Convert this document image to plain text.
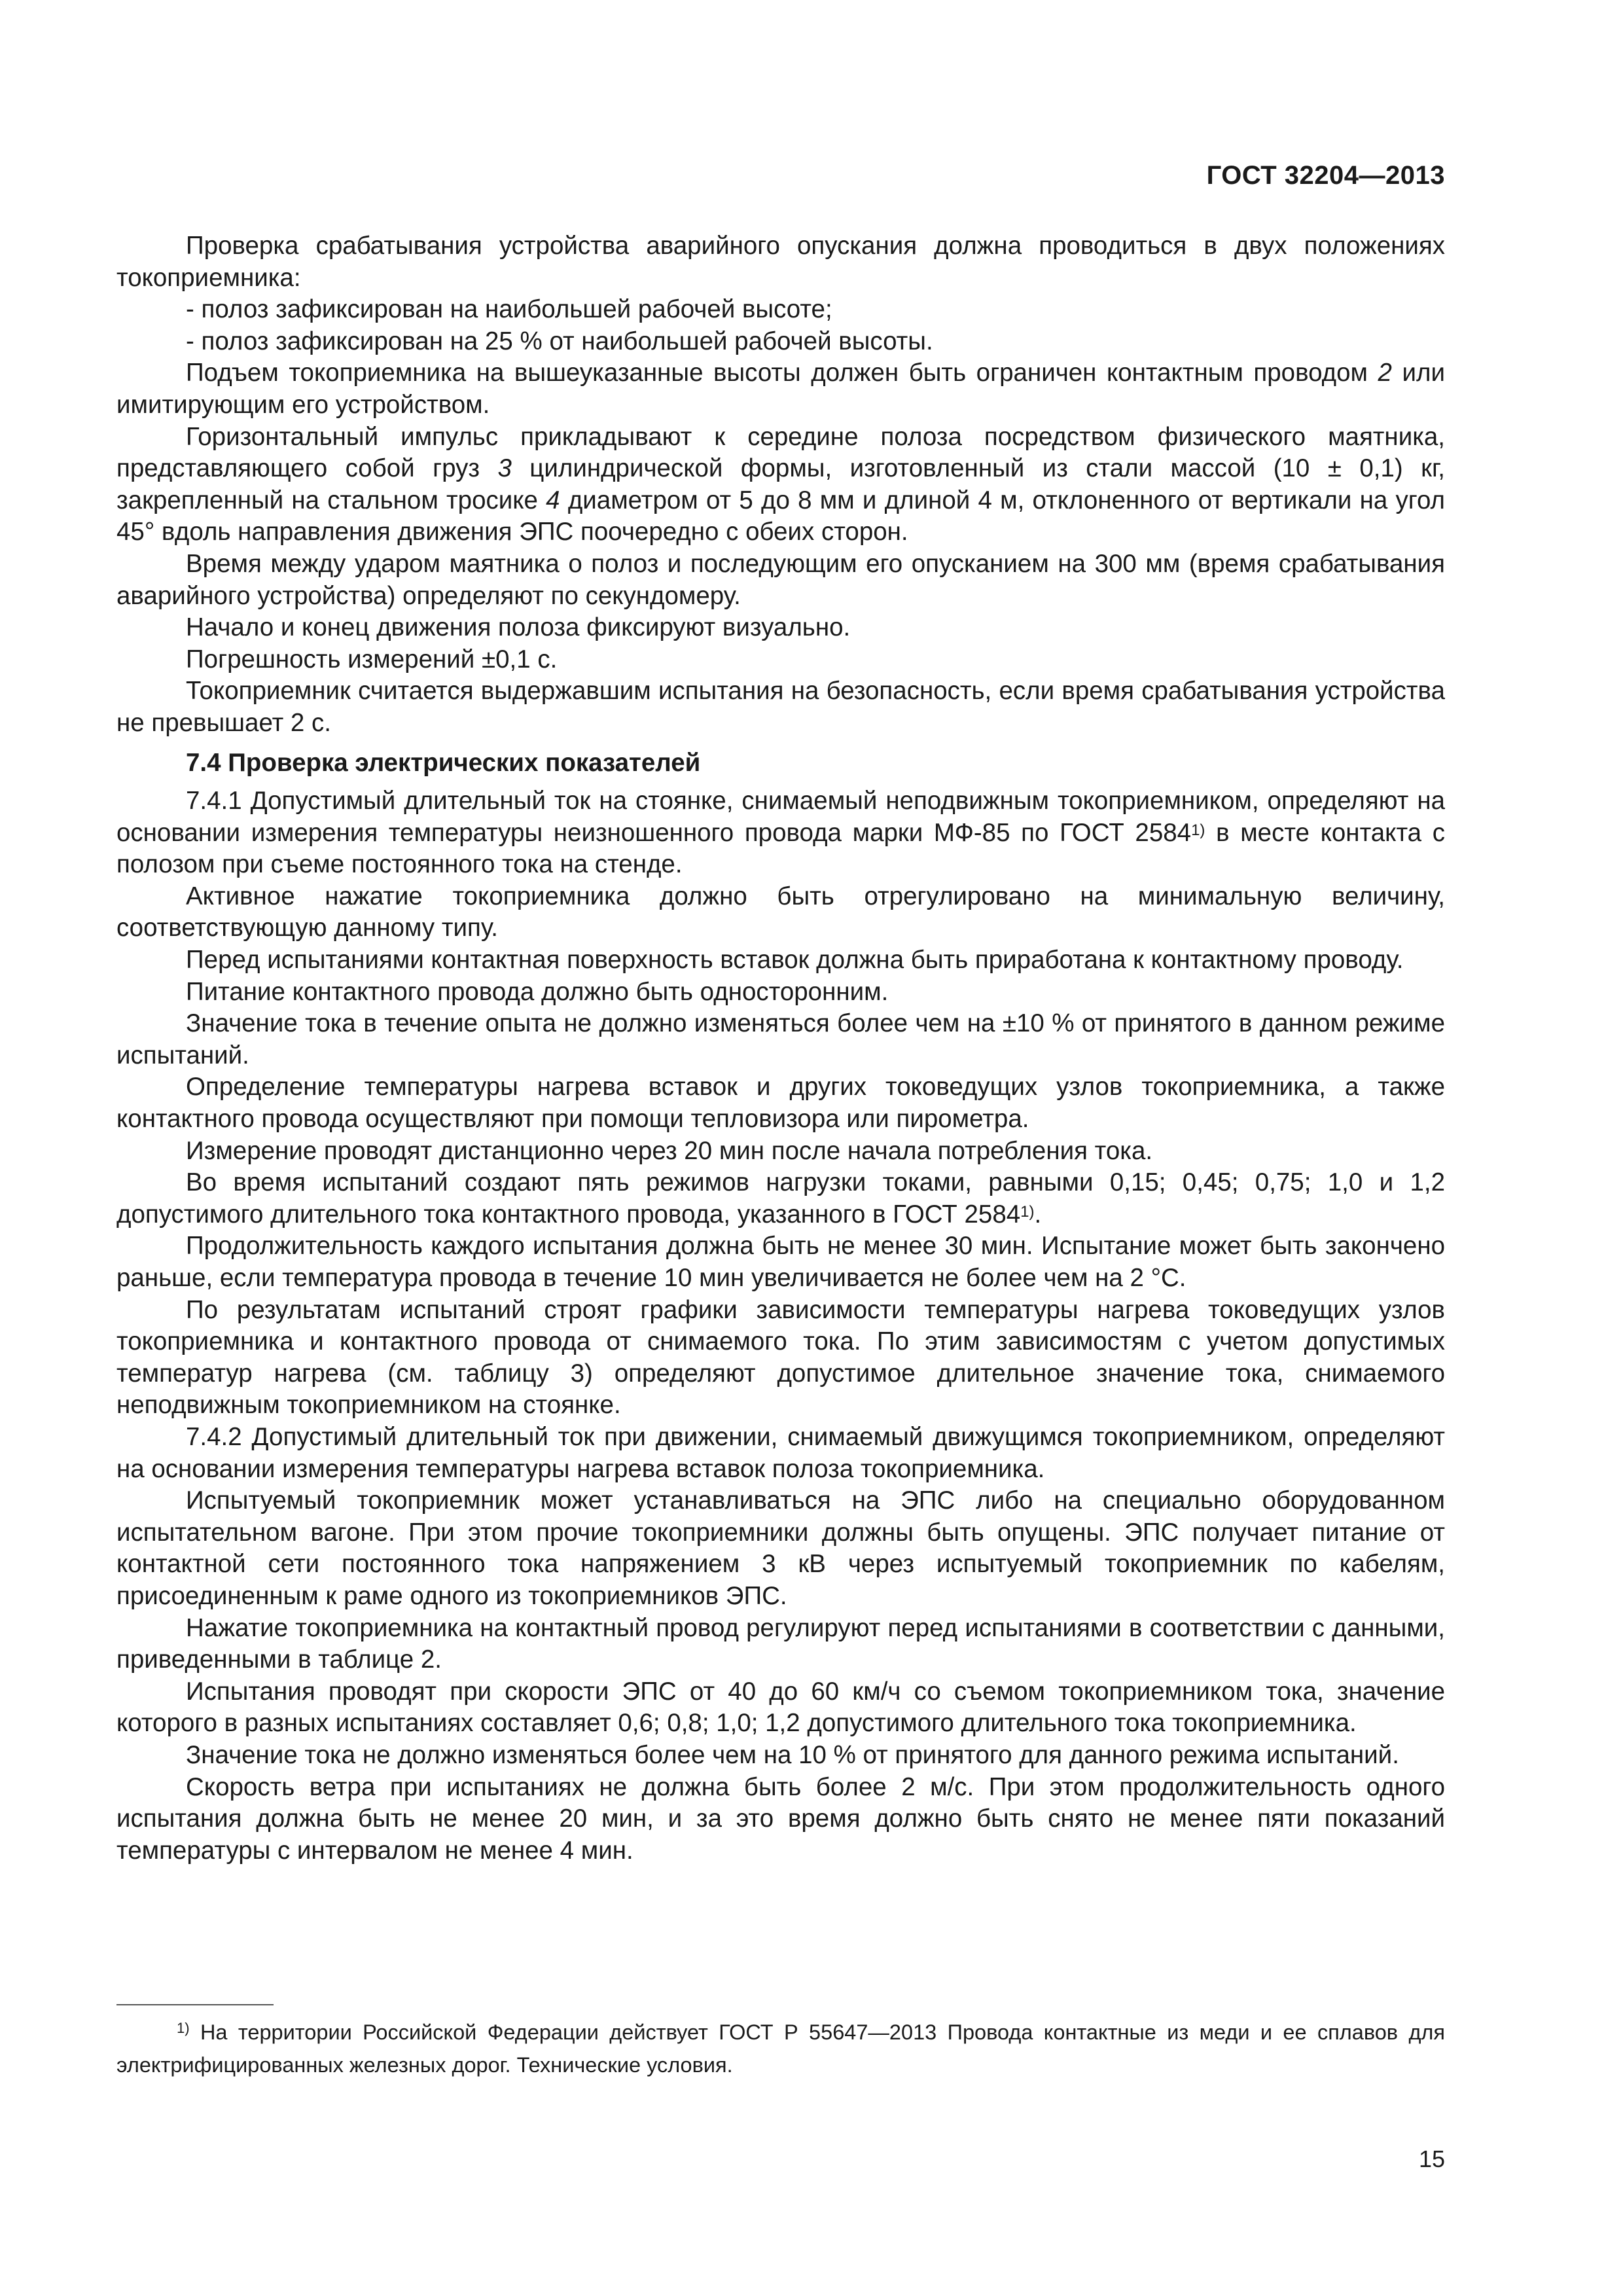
ГОСТ 32204—2013

Проверка срабатывания устройства аварийного опускания должна проводиться в двух положениях токоприемника:

- полоз зафиксирован на наибольшей рабочей высоте;

- полоз зафиксирован на 25 % от наибольшей рабочей высоты.

Подъем токоприемника на вышеуказанные высоты должен быть ограничен контактным проводом 2 или имитирующим его устройством.

Горизонтальный импульс прикладывают к середине полоза посредством физического маятника, представляющего собой груз 3 цилиндрической формы, изготовленный из стали массой (10 ± 0,1) кг, закрепленный на стальном тросике 4 диаметром от 5 до 8 мм и длиной 4 м, отклоненного от вертикали на угол 45° вдоль направления движения ЭПС поочередно с обеих сторон.

Время между ударом маятника о полоз и последующим его опусканием на 300 мм (время срабатывания аварийного устройства) определяют по секундомеру.

Начало и конец движения полоза фиксируют визуально.

Погрешность измерений ±0,1 с.

Токоприемник считается выдержавшим испытания на безопасность, если время срабатывания устройства не превышает 2 с.

7.4 Проверка электрических показателей

7.4.1 Допустимый длительный ток на стоянке, снимаемый неподвижным токоприемником, определяют на основании измерения температуры неизношенного провода марки МФ-85 по ГОСТ 2584$^{1)}$ в месте контакта с полозом при съеме постоянного тока на стенде.

Активное нажатие токоприемника должно быть отрегулировано на минимальную величину, соответствующую данному типу.

Перед испытаниями контактная поверхность вставок должна быть приработана к контактному проводу.

Питание контактного провода должно быть односторонним.

Значение тока в течение опыта не должно изменяться более чем на ±10 % от принятого в данном режиме испытаний.

Определение температуры нагрева вставок и других токоведущих узлов токоприемника, а также контактного провода осуществляют при помощи тепловизора или пирометра.

Измерение проводят дистанционно через 20 мин после начала потребления тока.

Во время испытаний создают пять режимов нагрузки токами, равными 0,15; 0,45; 0,75; 1,0 и 1,2 допустимого длительного тока контактного провода, указанного в ГОСТ 2584$^{1)}$.

Продолжительность каждого испытания должна быть не менее 30 мин. Испытание может быть закончено раньше, если температура провода в течение 10 мин увеличивается не более чем на 2 °С.

По результатам испытаний строят графики зависимости температуры нагрева токоведущих узлов токоприемника и контактного провода от снимаемого тока. По этим зависимостям с учетом допустимых температур нагрева (см. таблицу 3) определяют допустимое длительное значение тока, снимаемого неподвижным токоприемником на стоянке.

7.4.2 Допустимый длительный ток при движении, снимаемый движущимся токоприемником, определяют на основании измерения температуры нагрева вставок полоза токоприемника.

Испытуемый токоприемник может устанавливаться на ЭПС либо на специально оборудованном испытательном вагоне. При этом прочие токоприемники должны быть опущены. ЭПС получает питание от контактной сети постоянного тока напряжением 3 кВ через испытуемый токоприемник по кабелям, присоединенным к раме одного из токоприемников ЭПС.

Нажатие токоприемника на контактный провод регулируют перед испытаниями в соответствии с данными, приведенными в таблице 2.

Испытания проводят при скорости ЭПС от 40 до 60 км/ч со съемом токоприемником тока, значение которого в разных испытаниях составляет 0,6; 0,8; 1,0; 1,2 допустимого длительного тока токоприемника.

Значение тока не должно изменяться более чем на 10 % от принятого для данного режима испытаний.

Скорость ветра при испытаниях не должна быть более 2 м/с. При этом продолжительность одного испытания должна быть не менее 20 мин, и за это время должно быть снято не менее пяти показаний температуры с интервалом не менее 4 мин.

$^{1)}$ На территории Российской Федерации действует ГОСТ Р 55647—2013 Провода контактные из меди и ее сплавов для электрифицированных железных дорог. Технические условия.
15
